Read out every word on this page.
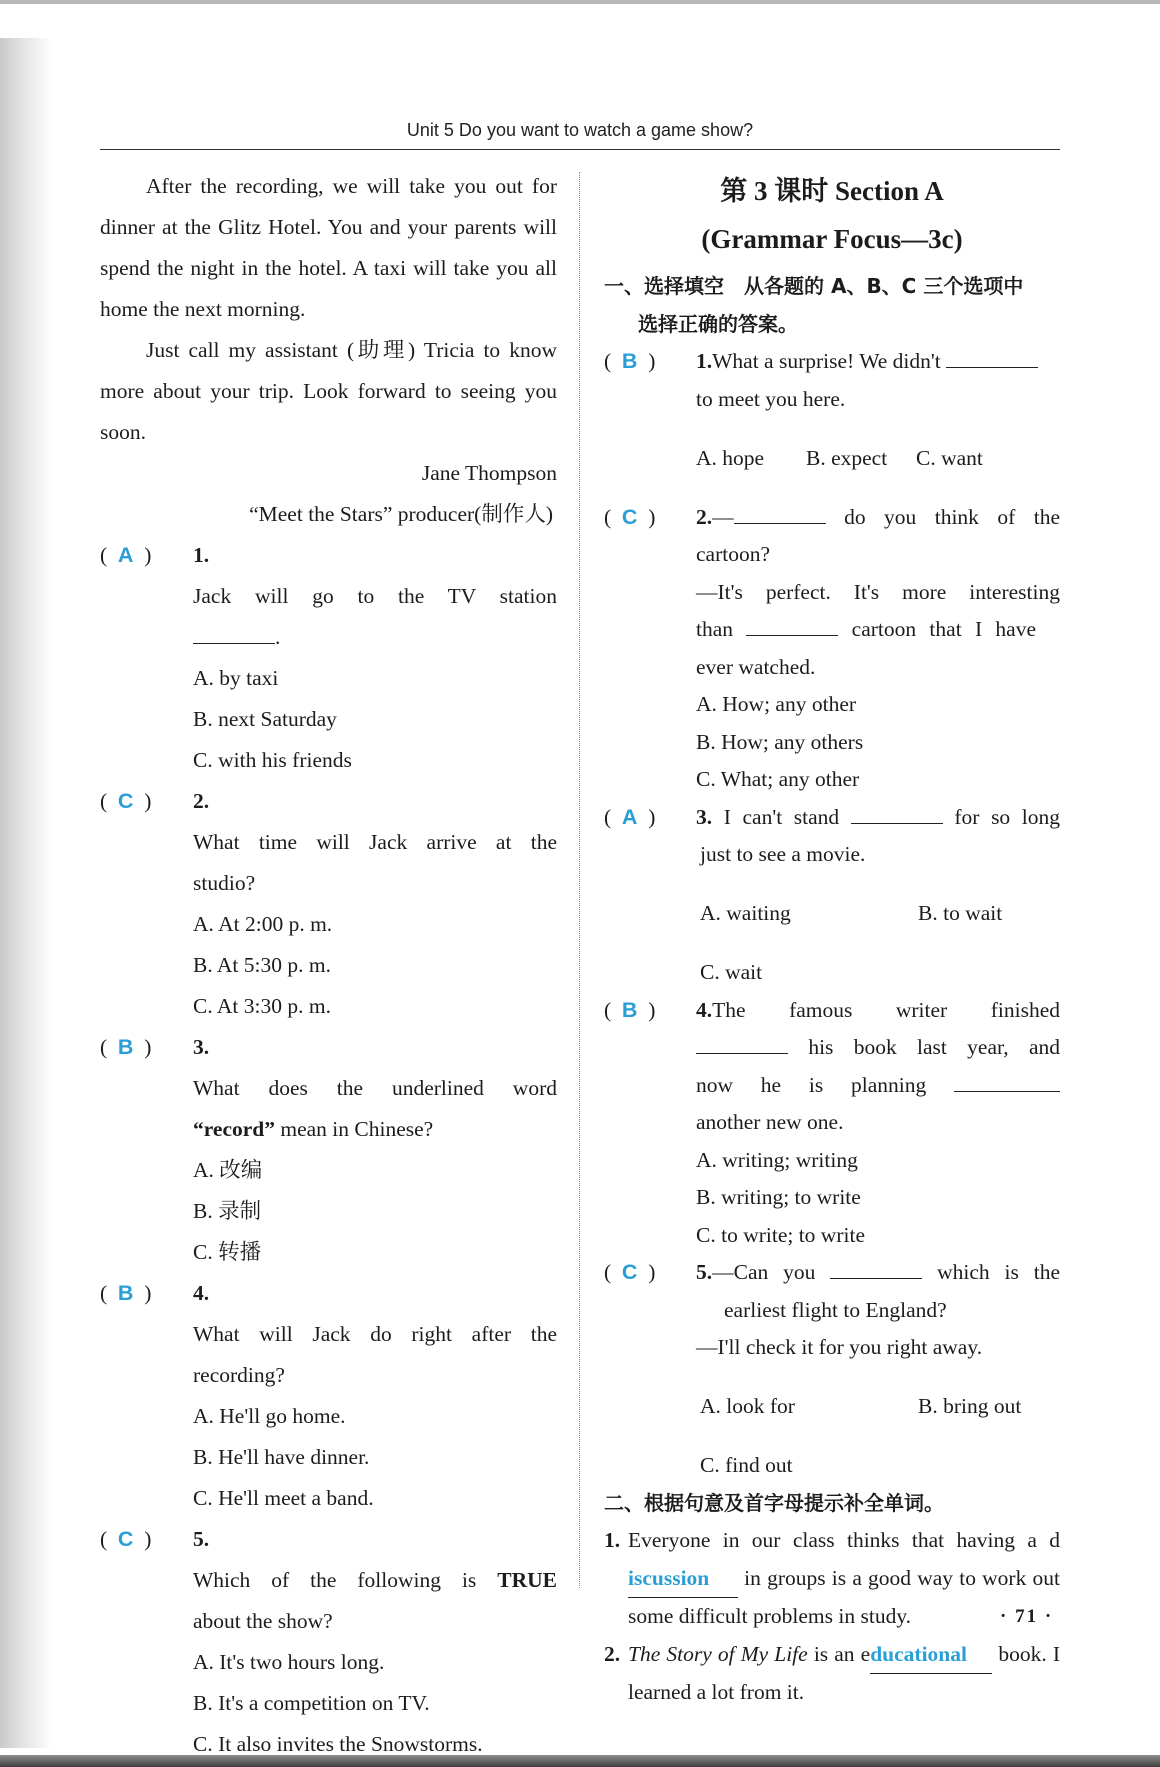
Unit 5 Do you want to watch a game show?

After the recording, we will take you out for dinner at the Glitz Hotel. You and your parents will spend the night in the hotel. A taxi will take you all home the next morning.

Just call my assistant (助理) Tricia to know more about your trip. Look forward to seeing you soon.

Jane Thompson

“Meet the Stars” producer(制作人)

(  A  ) 1.Jack will go to the TV station

.

A. by taxi

B. next Saturday

C. with his friends

(  C  ) 2.What time will Jack arrive at the

studio?

A. At 2:00 p. m.

B. At 5:30 p. m.

C. At 3:30 p. m.

(  B  ) 3.What does the underlined word

“record” mean in Chinese?

A. 改编

B. 录制

C. 转播

(  B  ) 4.What will Jack do right after the

recording?

A. He'll go home.

B. He'll have dinner.

C. He'll meet a band.

(  C  ) 5.Which of the following is TRUE

about the show?

A. It's two hours long.

B. It's a competition on TV.

C. It also invites the Snowstorms.

第 3 课时 Section A

(Grammar Focus—3c)

一、选择填空　从各题的 A、B、C 三个选项中
选择正确的答案。

(  B  ) 1.What a surprise! We didn't

to meet you here.

A. hope	B. expect	C. want

(  C  ) 2.—	do you think of the

cartoon?

—It's perfect. It's more interesting

than	cartoon that I have

ever watched.

A. How; any other

B. How; any others

C. What; any other

(  A  ) 3. I can't stand	for so long

just to see a movie.

A. waiting	B. to wait

C. wait

(  B  ) 4.The famous writer finished

his book last year, and

now he is planning

another new one.

A. writing; writing

B. writing; to write

C. to write; to write

(  C  ) 5.—Can you	which is the

earliest flight to England?

—I'll check it for you right away.

A. look for	B. bring out

C. find out

二、根据句意及首字母提示补全单词。

1. Everyone in our class thinks that having a discussion in groups is a good way to work out some difficult problems in study.

2. The Story of My Life is an educational book. I learned a lot from it.

· 71 ·
